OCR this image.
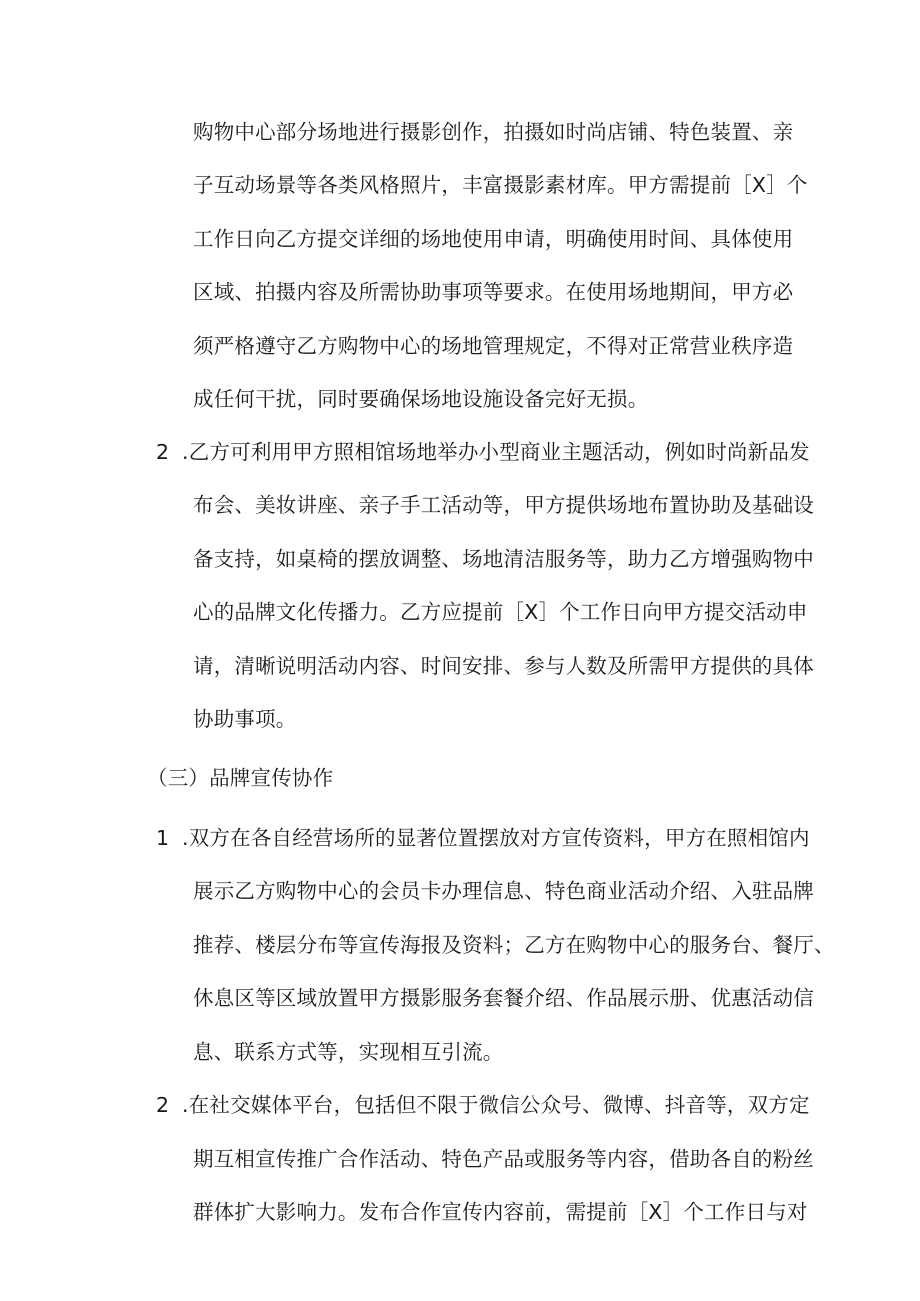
购物中心部分场地进行摄影创作，拍摄如时尚店铺、特色装置、亲
子互动场景等各类风格照片，丰富摄影素材库。甲方需提前［X］个
工作日向乙方提交详细的场地使用申请，明确使用时间、具体使用
区域、拍摄内容及所需协助事项等要求。在使用场地期间，甲方必
须严格遵守乙方购物中心的场地管理规定，不得对正常营业秩序造
成任何干扰，同时要确保场地设施设备完好无损。
2 .乙方可利用甲方照相馆场地举办小型商业主题活动，例如时尚新品发
布会、美妆讲座、亲子手工活动等，甲方提供场地布置协助及基础设
备支持，如桌椅的摆放调整、场地清洁服务等，助力乙方增强购物中
心的品牌文化传播力。乙方应提前［X］个工作日向甲方提交活动申
请，清晰说明活动内容、时间安排、参与人数及所需甲方提供的具体
协助事项。
（三）品牌宣传协作
1 .双方在各自经营场所的显著位置摆放对方宣传资料，甲方在照相馆内
展示乙方购物中心的会员卡办理信息、特色商业活动介绍、入驻品牌
推荐、楼层分布等宣传海报及资料；乙方在购物中心的服务台、餐厅、
休息区等区域放置甲方摄影服务套餐介绍、作品展示册、优惠活动信
息、联系方式等，实现相互引流。
2 .在社交媒体平台，包括但不限于微信公众号、微博、抖音等，双方定
期互相宣传推广合作活动、特色产品或服务等内容，借助各自的粉丝
群体扩大影响力。发布合作宣传内容前，需提前［X］个工作日与对
